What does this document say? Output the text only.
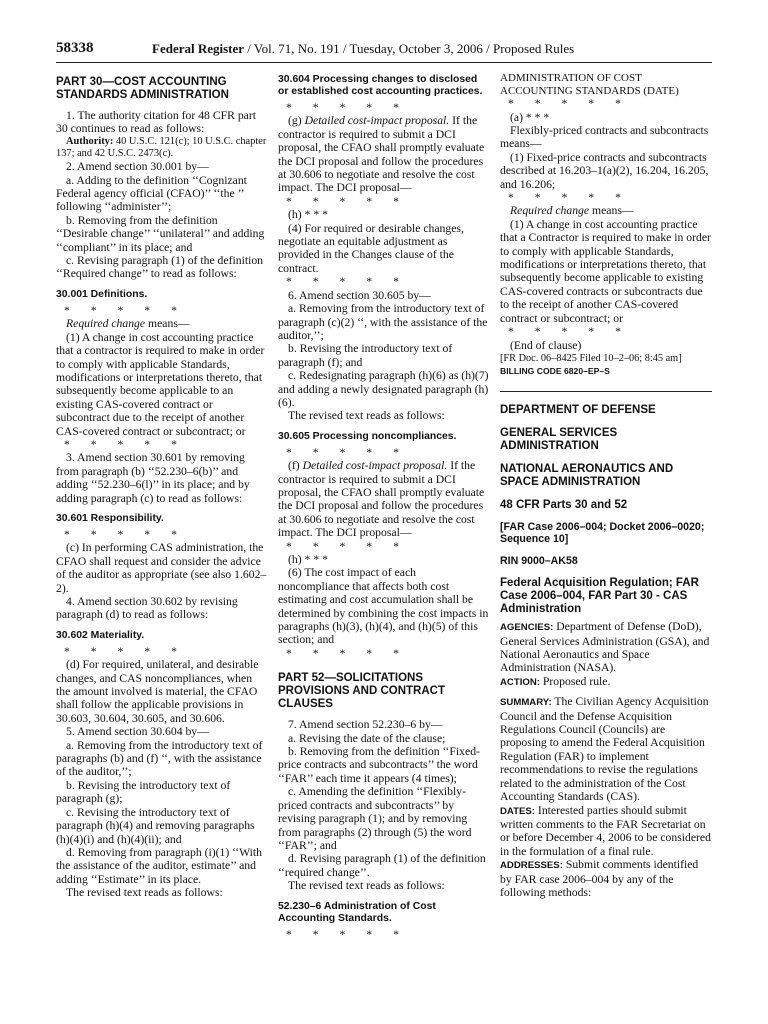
58338	Federal Register / Vol. 71, No. 191 / Tuesday, October 3, 2006 / Proposed Rules
PART 30—COST ACCOUNTING STANDARDS ADMINISTRATION

1. The authority citation for 48 CFR part 30 continues to read as follows:

Authority: 40 U.S.C. 121(c); 10 U.S.C. chapter 137; and 42 U.S.C. 2473(c).

2. Amend section 30.001 by—

a. Adding to the definition ‘‘Cognizant Federal agency official (CFAO)’’ ‘‘the ’’ following ‘‘administer’’;

b. Removing from the definition ‘‘Desirable change’’ ‘‘unilateral’’ and adding ‘‘compliant’’ in its place; and

c. Revising paragraph (1) of the definition ‘‘Required change’’ to read as follows:

30.001 Definitions.

* * * * *

Required change means—

(1) A change in cost accounting practice that a contractor is required to make in order to comply with applicable Standards, modifications or interpretations thereto, that subsequently become applicable to an existing CAS-covered contract or subcontract due to the receipt of another CAS-covered contract or subcontract; or

* * * * *

3. Amend section 30.601 by removing from paragraph (b) ‘‘52.230–6(b)’’ and adding ‘‘52.230–6(l)’’ in its place; and by adding paragraph (c) to read as follows:

30.601 Responsibility.

* * * * *

(c) In performing CAS administration, the CFAO shall request and consider the advice of the auditor as appropriate (see also 1.602–2).

4. Amend section 30.602 by revising paragraph (d) to read as follows:

30.602 Materiality.

* * * * *

(d) For required, unilateral, and desirable changes, and CAS noncompliances, when the amount involved is material, the CFAO shall follow the applicable provisions in 30.603, 30.604, 30.605, and 30.606.

5. Amend section 30.604 by—

a. Removing from the introductory text of paragraphs (b) and (f) ‘‘, with the assistance of the auditor,’’;

b. Revising the introductory text of paragraph (g);

c. Revising the introductory text of paragraph (h)(4) and removing paragraphs (h)(4)(i) and (h)(4)(ii); and

d. Removing from paragraph (i)(1) ‘‘With the assistance of the auditor, estimate’’ and adding ‘‘Estimate’’ in its place.

The revised text reads as follows:

30.604 Processing changes to disclosed or established cost accounting practices.

* * * * *

(g) Detailed cost-impact proposal. If the contractor is required to submit a DCI proposal, the CFAO shall promptly evaluate the DCI proposal and follow the procedures at 30.606 to negotiate and resolve the cost impact. The DCI proposal—

* * * * *

(h) * * *

(4) For required or desirable changes, negotiate an equitable adjustment as provided in the Changes clause of the contract.

* * * * *

6. Amend section 30.605 by—

a. Removing from the introductory text of paragraph (c)(2) ‘‘, with the assistance of the auditor,’’;

b. Revising the introductory text of paragraph (f); and

c. Redesignating paragraph (h)(6) as (h)(7) and adding a newly designated paragraph (h)(6).

The revised text reads as follows:

30.605 Processing noncompliances.

* * * * *

(f) Detailed cost-impact proposal. If the contractor is required to submit a DCI proposal, the CFAO shall promptly evaluate the DCI proposal and follow the procedures at 30.606 to negotiate and resolve the cost impact. The DCI proposal—

* * * * *

(h) * * *

(6) The cost impact of each noncompliance that affects both cost estimating and cost accumulation shall be determined by combining the cost impacts in paragraphs (h)(3), (h)(4), and (h)(5) of this section; and

* * * * *

PART 52—SOLICITATIONS PROVISIONS AND CONTRACT CLAUSES

7. Amend section 52.230–6 by—

a. Revising the date of the clause;

b. Removing from the definition ‘‘Fixed-price contracts and subcontracts’’ the word ‘‘FAR’’ each time it appears (4 times);

c. Amending the definition ‘‘Flexibly-priced contracts and subcontracts’’ by revising paragraph (1); and by removing from paragraphs (2) through (5) the word ‘‘FAR’’; and

d. Revising paragraph (1) of the definition ‘‘required change’’.

The revised text reads as follows:

52.230–6 Administration of Cost Accounting Standards.

* * * * *

ADMINISTRATION OF COST ACCOUNTING STANDARDS (DATE)

* * * * *

(a) * * *

Flexibly-priced contracts and subcontracts means—

(1) Fixed-price contracts and subcontracts described at 16.203–1(a)(2), 16.204, 16.205, and 16.206;

* * * * *

Required change means—

(1) A change in cost accounting practice that a Contractor is required to make in order to comply with applicable Standards, modifications or interpretations thereto, that subsequently become applicable to existing CAS-covered contracts or subcontracts due to the receipt of another CAS-covered contract or subcontract; or

* * * * *

(End of clause)

[FR Doc. 06–8425 Filed 10–2–06; 8:45 am]

BILLING CODE 6820–EP–S

DEPARTMENT OF DEFENSE
GENERAL SERVICES ADMINISTRATION
NATIONAL AERONAUTICS AND SPACE ADMINISTRATION
48 CFR Parts 30 and 52
[FAR Case 2006–004; Docket 2006–0020; Sequence 10]
RIN 9000–AK58
Federal Acquisition Regulation; FAR Case 2006–004, FAR Part 30 - CAS Administration

AGENCIES: Department of Defense (DoD), General Services Administration (GSA), and National Aeronautics and Space Administration (NASA).

ACTION: Proposed rule.

SUMMARY: The Civilian Agency Acquisition Council and the Defense Acquisition Regulations Council (Councils) are proposing to amend the Federal Acquisition Regulation (FAR) to implement recommendations to revise the regulations related to the administration of the Cost Accounting Standards (CAS).

DATES: Interested parties should submit written comments to the FAR Secretariat on or before December 4, 2006 to be considered in the formulation of a final rule.

ADDRESSES: Submit comments identified by FAR case 2006–004 by any of the following methods:
